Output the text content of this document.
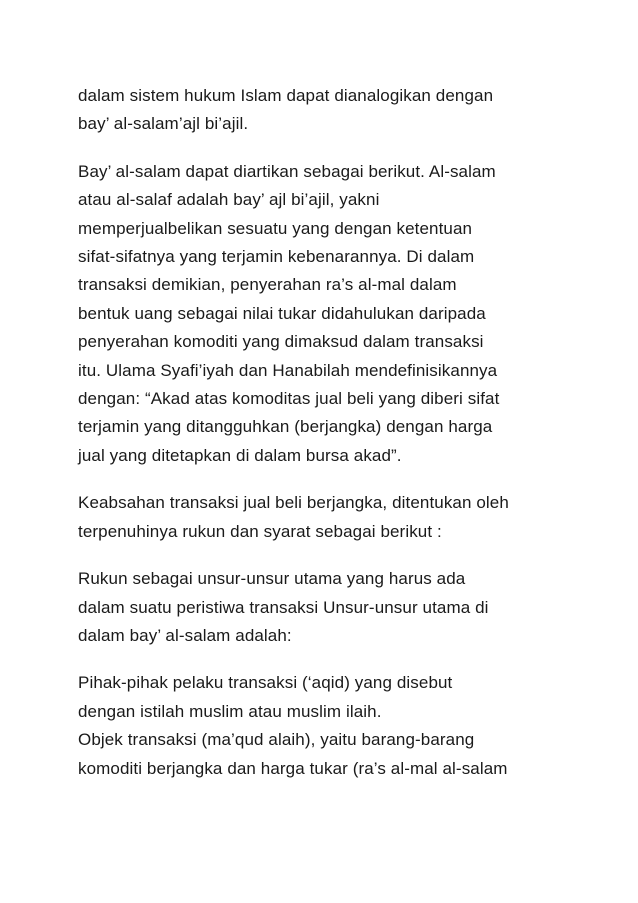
dalam sistem hukum Islam dapat dianalogikan dengan
bay’ al-salam’ajl bi’ajil.
Bay’ al-salam dapat diartikan sebagai berikut. Al-salam
atau al-salaf adalah bay’ ajl bi’ajil, yakni
memperjualbelikan sesuatu yang dengan ketentuan
sifat-sifatnya yang terjamin kebenarannya. Di dalam
transaksi demikian, penyerahan ra’s al-mal dalam
bentuk uang sebagai nilai tukar didahulukan daripada
penyerahan komoditi yang dimaksud dalam transaksi
itu. Ulama Syafi’iyah dan Hanabilah mendefinisikannya
dengan: “Akad atas komoditas jual beli yang diberi sifat
terjamin yang ditangguhkan (berjangka) dengan harga
jual yang ditetapkan di dalam bursa akad”.
Keabsahan transaksi jual beli berjangka, ditentukan oleh
terpenuhinya rukun dan syarat sebagai berikut :
Rukun sebagai unsur-unsur utama yang harus ada
dalam suatu peristiwa transaksi Unsur-unsur utama di
dalam bay’ al-salam adalah:
Pihak-pihak pelaku transaksi (‘aqid) yang disebut
dengan istilah muslim atau muslim ilaih.
Objek transaksi (ma’qud alaih), yaitu barang-barang
komoditi berjangka dan harga tukar (ra’s al-mal al-salam
